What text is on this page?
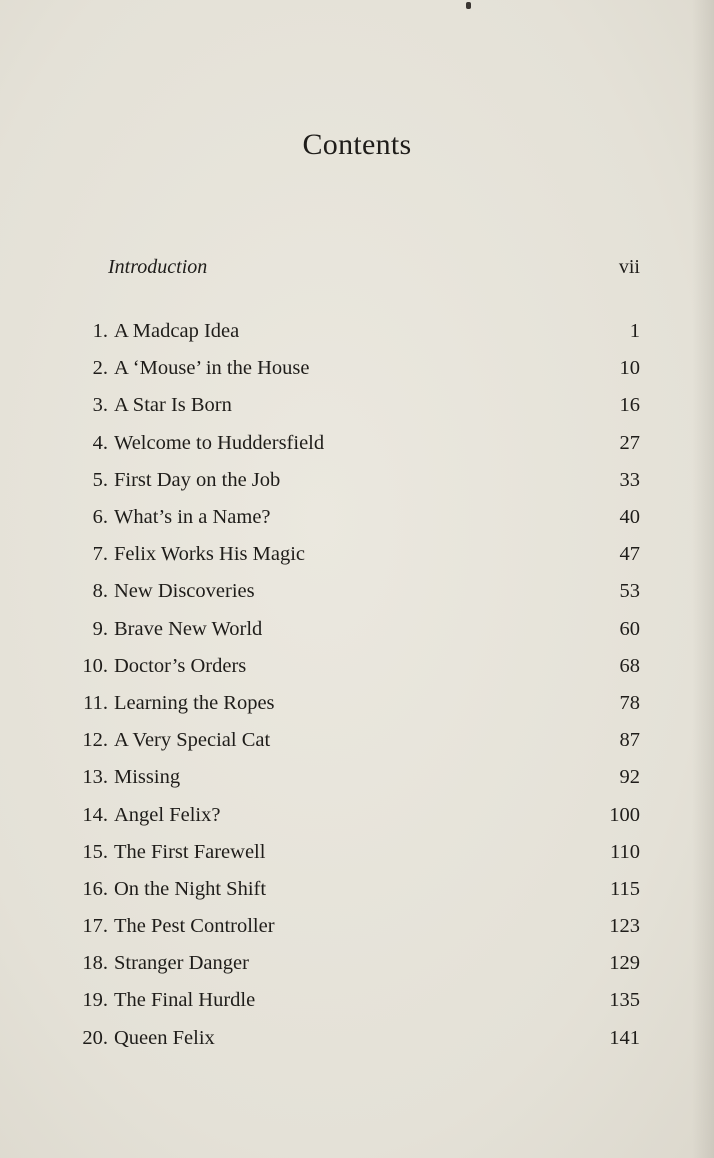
Contents
Introduction	vii
1. A Madcap Idea	1
2. A ‘Mouse’ in the House	10
3. A Star Is Born	16
4. Welcome to Huddersfield	27
5. First Day on the Job	33
6. What’s in a Name?	40
7. Felix Works His Magic	47
8. New Discoveries	53
9. Brave New World	60
10. Doctor’s Orders	68
11. Learning the Ropes	78
12. A Very Special Cat	87
13. Missing	92
14. Angel Felix?	100
15. The First Farewell	110
16. On the Night Shift	115
17. The Pest Controller	123
18. Stranger Danger	129
19. The Final Hurdle	135
20. Queen Felix	141
